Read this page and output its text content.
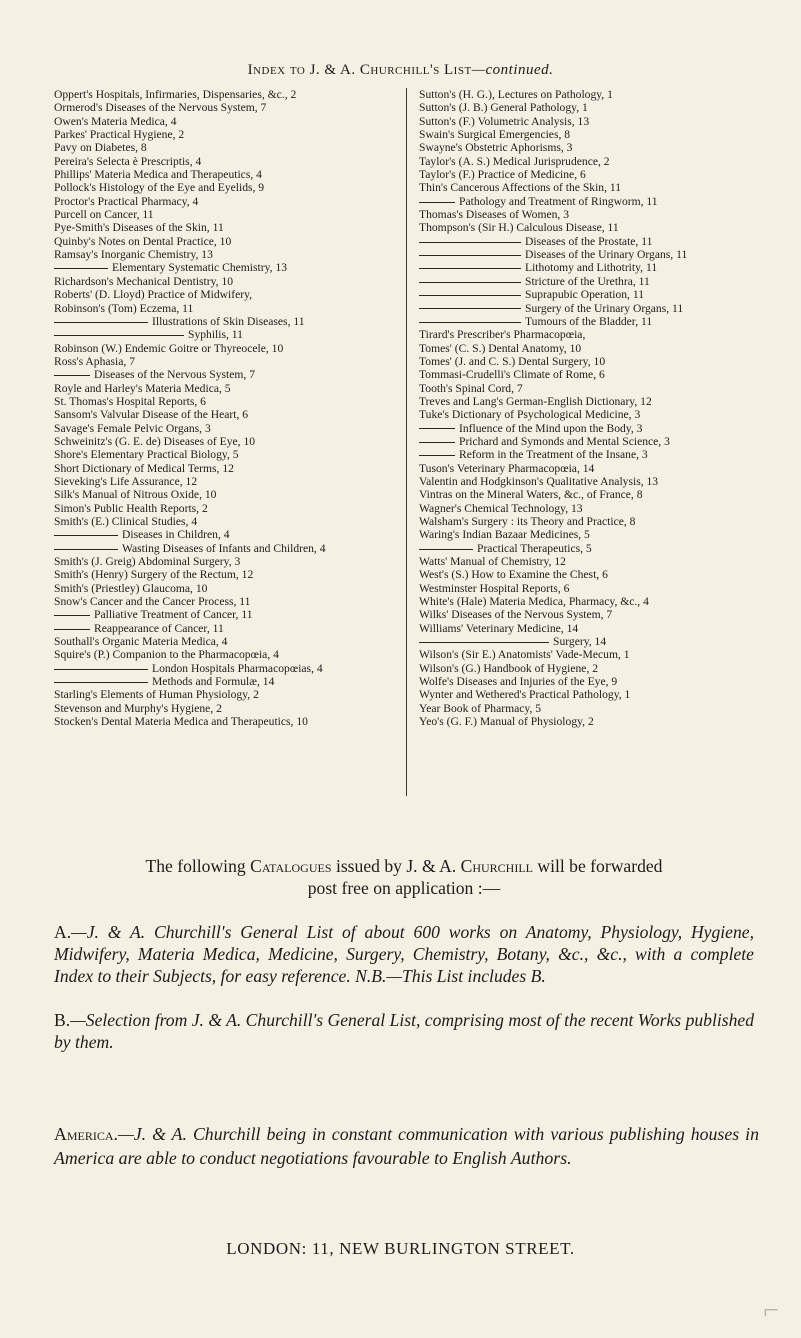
Index to J. & A. Churchill's List—continued.
Oppert's Hospitals, Infirmaries, Dispensaries, &c., 2
Ormerod's Diseases of the Nervous System, 7
Owen's Materia Medica, 4
Parkes' Practical Hygiene, 2
Pavy on Diabetes, 8
Pereira's Selecta è Prescriptis, 4
Phillips' Materia Medica and Therapeutics, 4
Pollock's Histology of the Eye and Eyelids, 9
Proctor's Practical Pharmacy, 4
Purcell on Cancer, 11
Pye-Smith's Diseases of the Skin, 11
Quinby's Notes on Dental Practice, 10
Ramsay's Inorganic Chemistry, 13
Elementary Systematic Chemistry, 13
Richardson's Mechanical Dentistry, 10
Roberts' (D. Lloyd) Practice of Midwifery,
Robinson's (Tom) Eczema, 11
Illustrations of Skin Diseases, 11
Syphilis, 11
Robinson (W.) Endemic Goitre or Thyreocele, 10
Ross's Aphasia, 7
Diseases of the Nervous System, 7
Royle and Harley's Materia Medica, 5
St. Thomas's Hospital Reports, 6
Sansom's Valvular Disease of the Heart, 6
Savage's Female Pelvic Organs, 3
Schweinitz's (G. E. de) Diseases of Eye, 10
Shore's Elementary Practical Biology, 5
Short Dictionary of Medical Terms, 12
Sieveking's Life Assurance, 12
Silk's Manual of Nitrous Oxide, 10
Simon's Public Health Reports, 2
Smith's (E.) Clinical Studies, 4
Diseases in Children, 4
Wasting Diseases of Infants and Children, 4
Smith's (J. Greig) Abdominal Surgery, 3
Smith's (Henry) Surgery of the Rectum, 12
Smith's (Priestley) Glaucoma, 10
Snow's Cancer and the Cancer Process, 11
Palliative Treatment of Cancer, 11
Reappearance of Cancer, 11
Southall's Organic Materia Medica, 4
Squire's (P.) Companion to the Pharmacopœia, 4
London Hospitals Pharmacopœias, 4
Methods and Formulæ, 14
Starling's Elements of Human Physiology, 2
Stevenson and Murphy's Hygiene, 2
Stocken's Dental Materia Medica and Therapeutics, 10
Sutton's (H. G.), Lectures on Pathology, 1
Sutton's (J. B.) General Pathology, 1
Sutton's (F.) Volumetric Analysis, 13
Swain's Surgical Emergencies, 8
Swayne's Obstetric Aphorisms, 3
Taylor's (A. S.) Medical Jurisprudence, 2
Taylor's (F.) Practice of Medicine, 6
Thin's Cancerous Affections of the Skin, 11
Pathology and Treatment of Ringworm, 11
Thomas's Diseases of Women, 3
Thompson's (Sir H.) Calculous Disease, 11
Diseases of the Prostate, 11
Diseases of the Urinary Organs, 11
Lithotomy and Lithotrity, 11
Stricture of the Urethra, 11
Suprapubic Operation, 11
Surgery of the Urinary Organs, 11
Tumours of the Bladder, 11
Tirard's Prescriber's Pharmacopœia,
Tomes' (C. S.) Dental Anatomy, 10
Tomes' (J. and C. S.) Dental Surgery, 10
Tommasi-Crudelli's Climate of Rome, 6
Tooth's Spinal Cord, 7
Treves and Lang's German-English Dictionary, 12
Tuke's Dictionary of Psychological Medicine, 3
Influence of the Mind upon the Body, 3
Prichard and Symonds and Mental Science, 3
Reform in the Treatment of the Insane, 3
Tuson's Veterinary Pharmacopœia, 14
Valentin and Hodgkinson's Qualitative Analysis, 13
Vintras on the Mineral Waters, &c., of France, 8
Wagner's Chemical Technology, 13
Walsham's Surgery : its Theory and Practice, 8
Waring's Indian Bazaar Medicines, 5
Practical Therapeutics, 5
Watts' Manual of Chemistry, 12
West's (S.) How to Examine the Chest, 6
Westminster Hospital Reports, 6
White's (Hale) Materia Medica, Pharmacy, &c., 4
Wilks' Diseases of the Nervous System, 7
Williams' Veterinary Medicine, 14
Surgery, 14
Wilson's (Sir E.) Anatomists' Vade-Mecum, 1
Wilson's (G.) Handbook of Hygiene, 2
Wolfe's Diseases and Injuries of the Eye, 9
Wynter and Wethered's Practical Pathology, 1
Year Book of Pharmacy, 5
Yeo's (G. F.) Manual of Physiology, 2

The following Catalogues issued by J. & A. Churchill will be forwarded
post free on application :—

A.—J. & A. Churchill's General List of about 600 works on Anatomy, Physiology, Hygiene, Midwifery, Materia Medica, Medicine, Surgery, Chemistry, Botany, &c., &c., with a complete Index to their Subjects, for easy reference. N.B.—This List includes B.

B.—Selection from J. & A. Churchill's General List, comprising most of the recent Works published by them.

America.—J. & A. Churchill being in constant communication with various publishing houses in America are able to conduct negotiations favourable to English Authors.
LONDON: 11, NEW BURLINGTON STREET.
⌐
